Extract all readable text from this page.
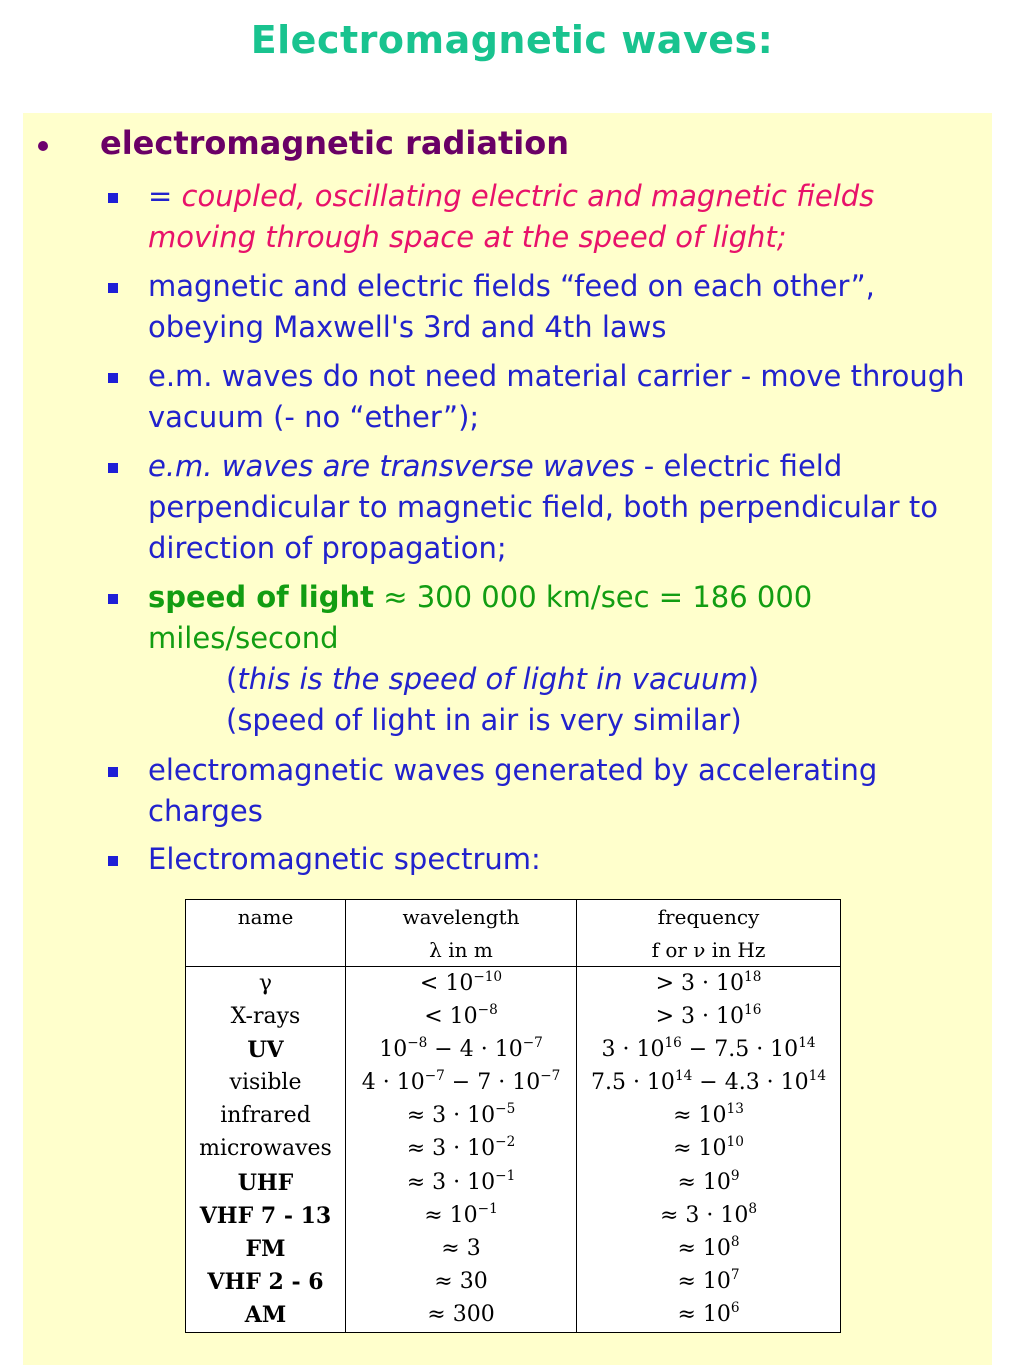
Electromagnetic waves:
electromagnetic radiation
= coupled, oscillating electric and magnetic fields moving through space at the speed of light;
magnetic and electric fields “feed on each other”, obeying Maxwell's 3rd and 4th laws
e.m. waves do not need material carrier - move through vacuum (- no “ether”);
e.m. waves are transverse waves - electric field perpendicular to magnetic field, both perpendicular to direction of propagation;
speed of light ≈ 300 000 km/sec = 186 000 miles/second
(this is the speed of light in vacuum)
(speed of light in air is very similar)
electromagnetic waves generated by accelerating charges
Electromagnetic spectrum:
name	wavelength	frequency
	λ in m	f or ν in Hz
γ	< $10^{-10}$	> $3 \cdot 10^{18}$
X-rays	< $10^{-8}$	> $3 \cdot 10^{16}$
UV	$10^{-8} - 4 \cdot 10^{-7}$	$3 \cdot 10^{16} - 7.5 \cdot 10^{14}$
visible	$4 \cdot 10^{-7} - 7 \cdot 10^{-7}$	$7.5 \cdot 10^{14} - 4.3 \cdot 10^{14}$
infrared	≈ $3 \cdot 10^{-5}$	≈ $10^{13}$
microwaves	≈ $3 \cdot 10^{-2}$	≈ $10^{10}$
UHF	≈ $3 \cdot 10^{-1}$	≈ $10^9$
VHF 7 - 13	≈ $10^{-1}$	≈ $3 \cdot 10^8$
FM	≈ 3	≈ $10^8$
VHF 2 - 6	≈ 30	≈ $10^7$
AM	≈ 300	≈ $10^6$
